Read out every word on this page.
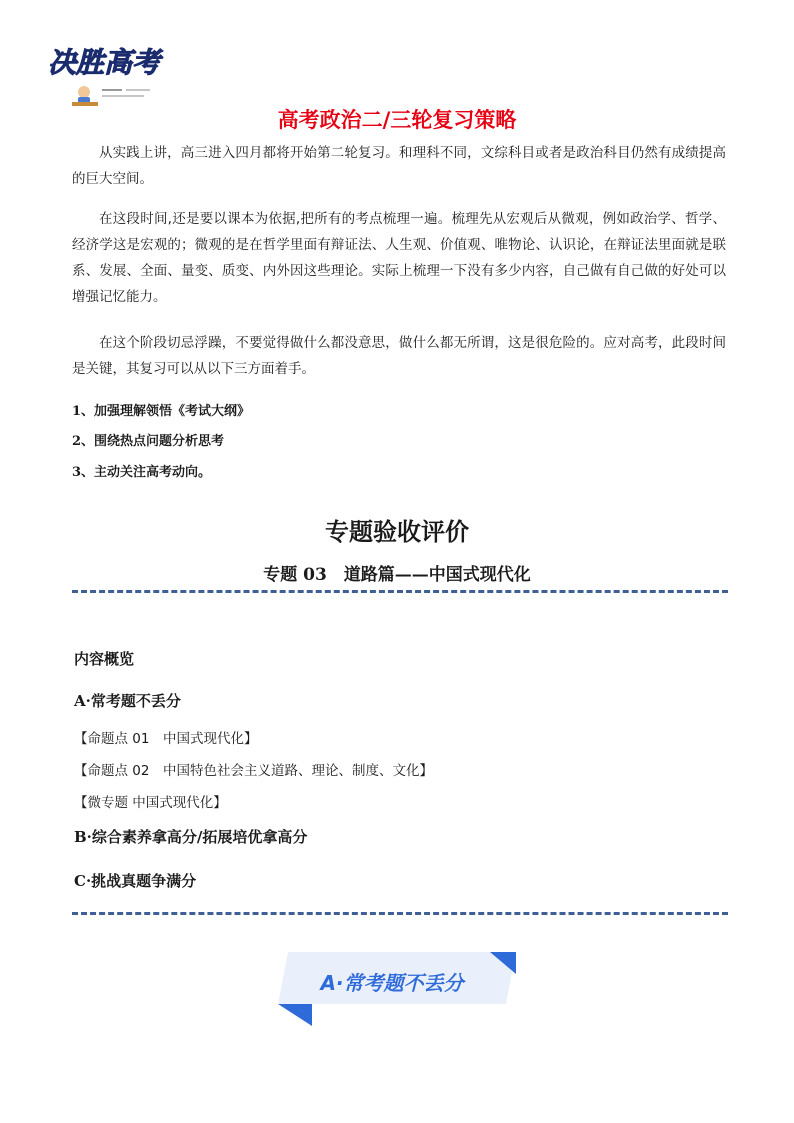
决胜高考
高考政治二/三轮复习策略

从实践上讲，高三进入四月都将开始第二轮复习。和理科不同，文综科目或者是政治科目仍然有成绩提高的巨大空间。

在这段时间,还是要以课本为依据,把所有的考点梳理一遍。梳理先从宏观后从微观，例如政治学、哲学、经济学这是宏观的；微观的是在哲学里面有辩证法、人生观、价值观、唯物论、认识论，在辩证法里面就是联系、发展、全面、量变、质变、内外因这些理论。实际上梳理一下没有多少内容，自己做有自己做的好处可以增强记忆能力。

在这个阶段切忌浮躁，不要觉得做什么都没意思，做什么都无所谓，这是很危险的。应对高考，此段时间是关键，其复习可以从以下三方面着手。

1、加强理解领悟《考试大纲》
2、围绕热点问题分析思考
3、主动关注高考动向。
专题验收评价
专题 03　道路篇——中国式现代化
内容概览
A·常考题不丢分
【命题点 01　中国式现代化】
【命题点 02　中国特色社会主义道路、理论、制度、文化】
【微专题 中国式现代化】
B·综合素养拿高分/拓展培优拿高分
C·挑战真题争满分
A·常考题不丢分
